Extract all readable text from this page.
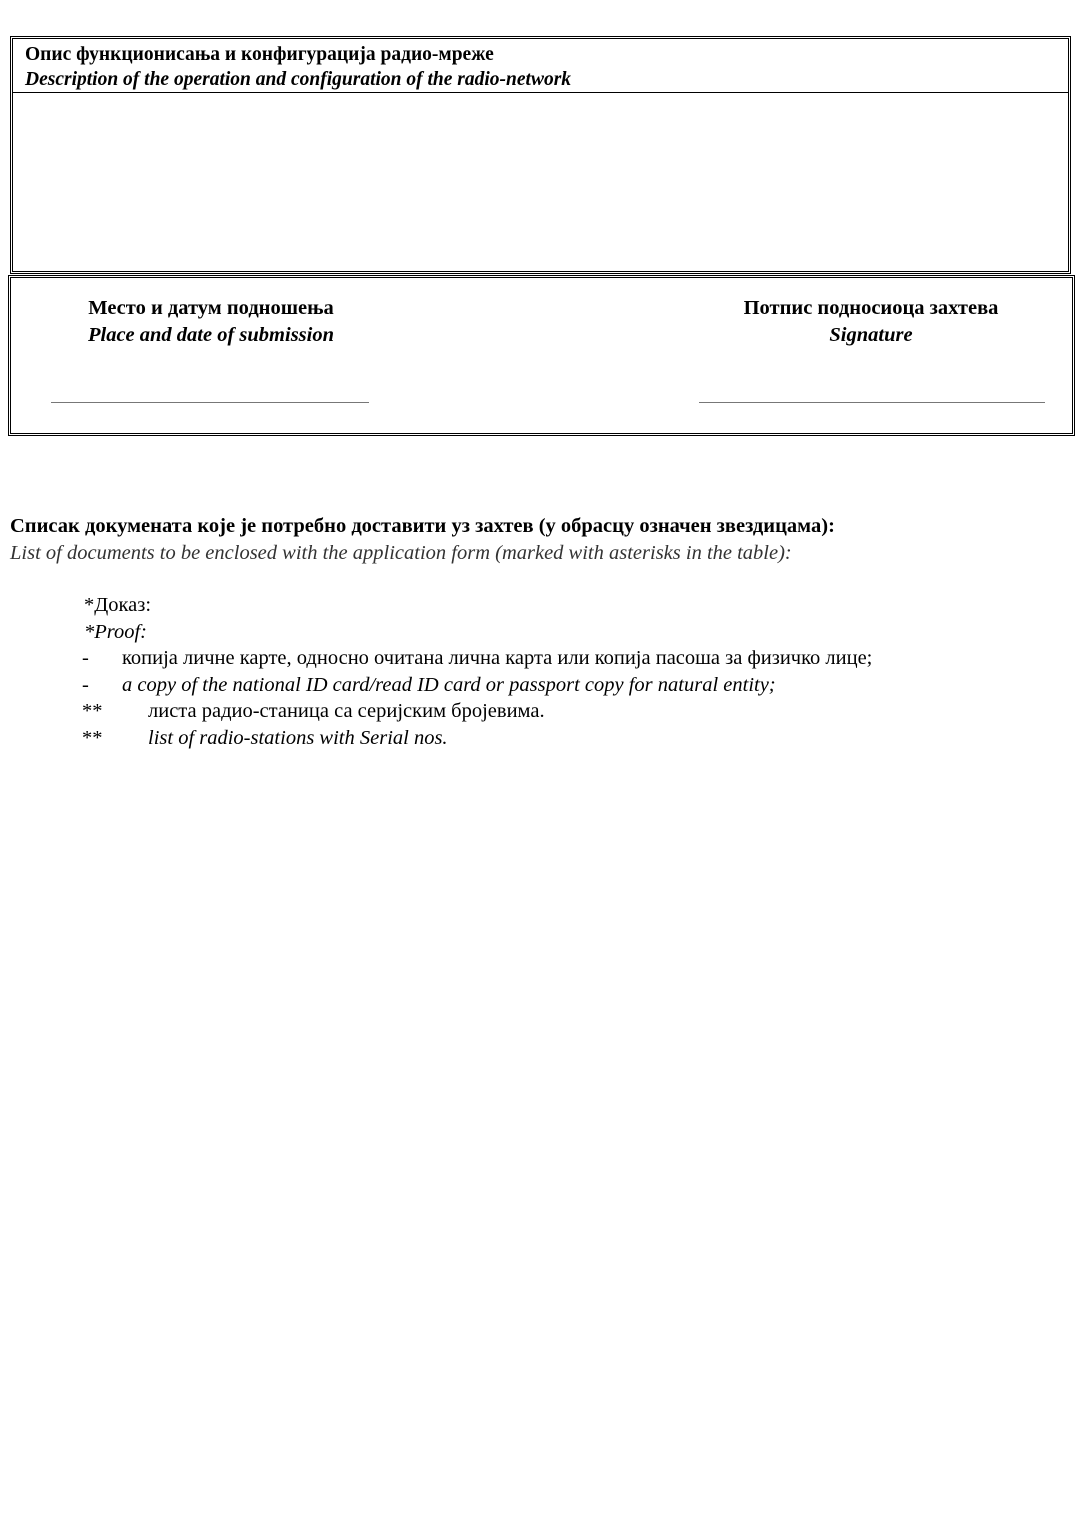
Опис функционисања и конфигурација радио-мреже
Description of the operation and configuration of the radio-network
Место и датум подношења
Place and date of submission
Потпис подносиоца захтева
Signature
Списак докумената које је потребно доставити уз захтев (у обрасцу означен звездицама):
List of documents to be enclosed with the application form (marked with asterisks in the table):
*Доказ:
*Proof:
- копија личне карте, односно очитана лична карта или копија пасоша за физичко лице;
- a copy of the national ID card/read ID card or passport copy for natural entity;
** листа радио-станица са серијским бројевима.
** list of radio-stations with Serial nos.
